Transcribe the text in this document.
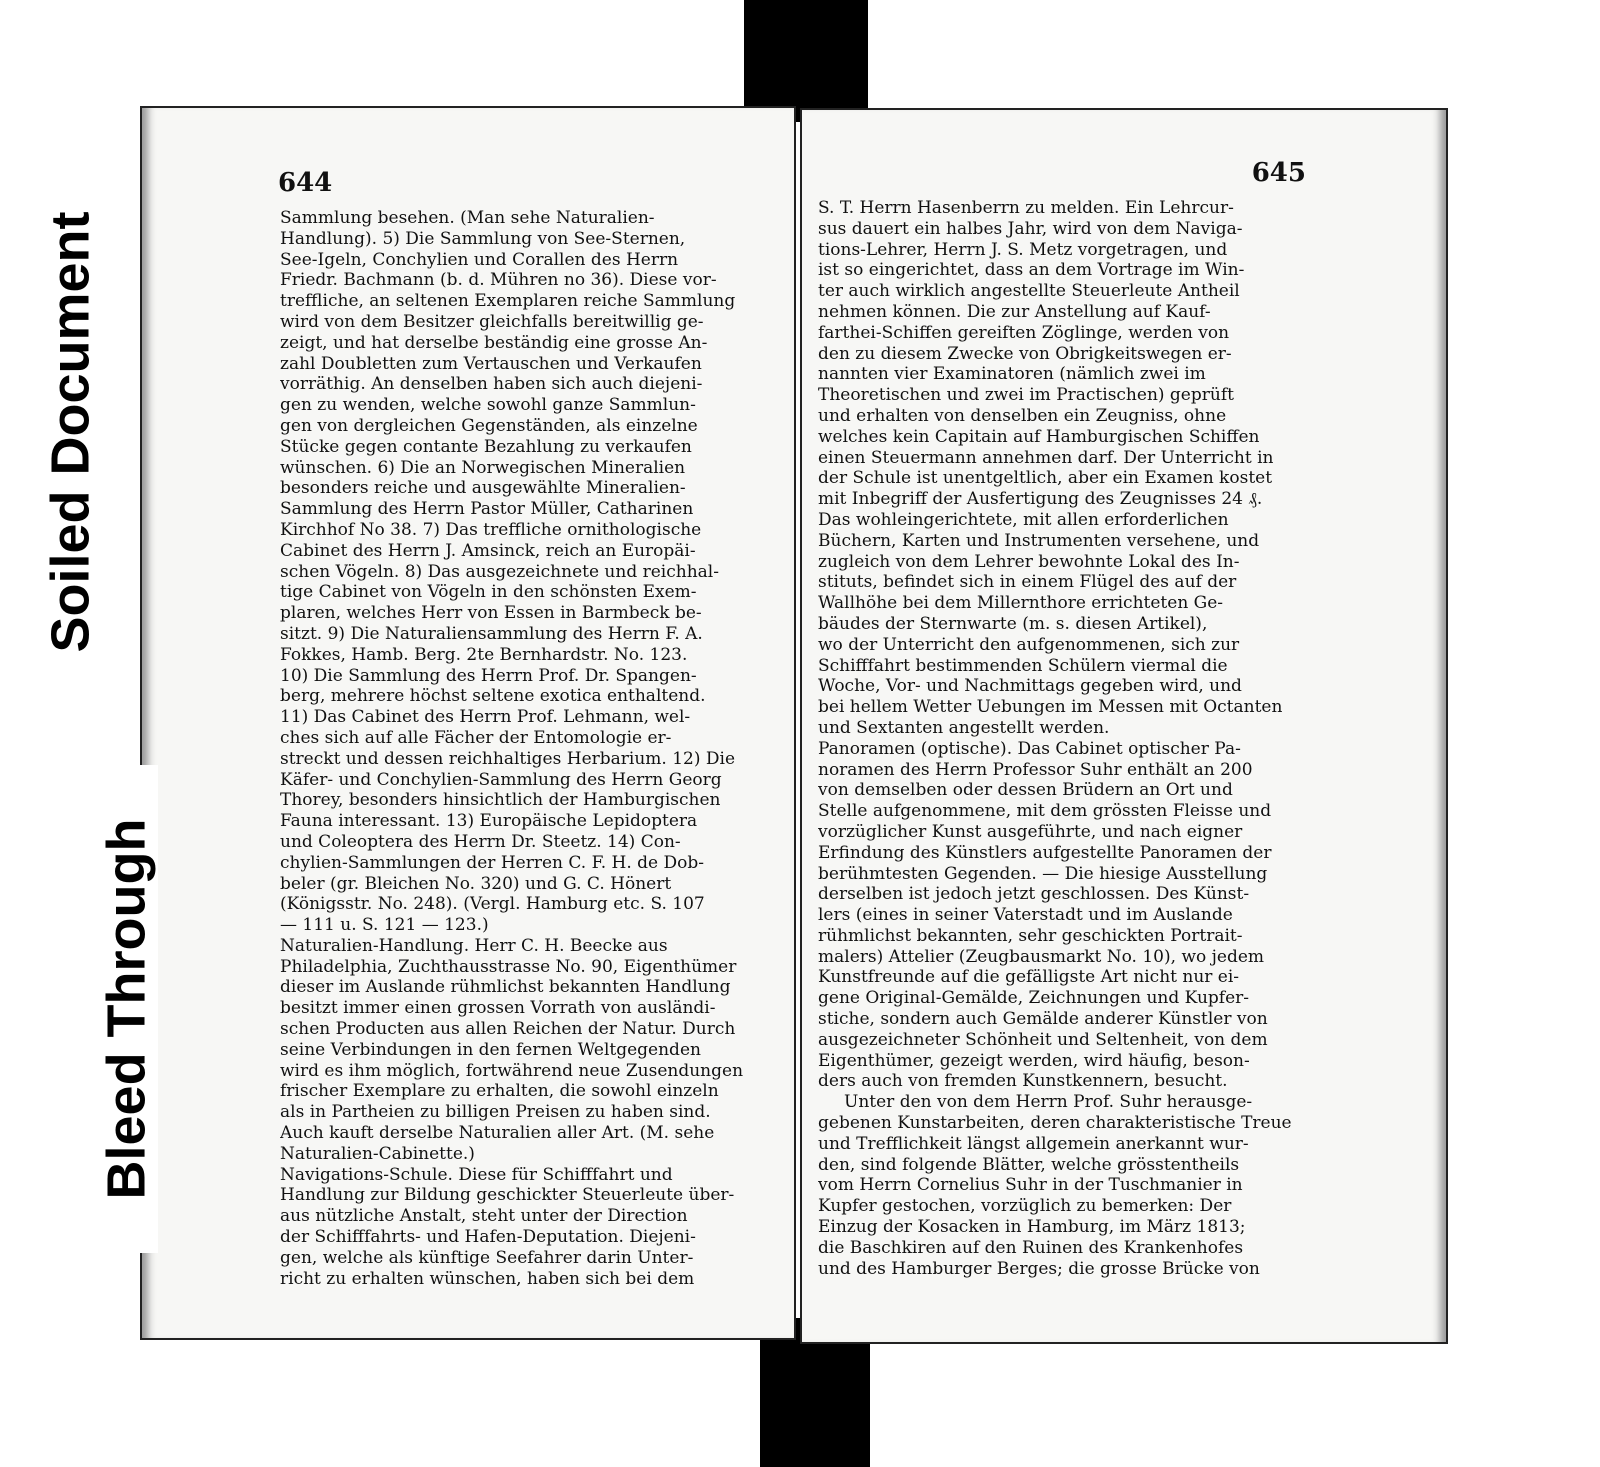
644
Sammlung besehen. (Man sehe Naturalien-
Handlung). 5) Die Sammlung von See-Sternen,
See-Igeln, Conchylien und Corallen des Herrn
Friedr. Bachmann (b. d. Mühren no 36). Diese vor-
treffliche, an seltenen Exemplaren reiche Sammlung
wird von dem Besitzer gleichfalls bereitwillig ge-
zeigt, und hat derselbe beständig eine grosse An-
zahl Doubletten zum Vertauschen und Verkaufen
vorräthig. An denselben haben sich auch diejeni-
gen zu wenden, welche sowohl ganze Sammlun-
gen von dergleichen Gegenständen, als einzelne
Stücke gegen contante Bezahlung zu verkaufen
wünschen. 6) Die an Norwegischen Mineralien
besonders reiche und ausgewählte Mineralien-
Sammlung des Herrn Pastor Müller, Catharinen
Kirchhof No 38. 7) Das treffliche ornithologische
Cabinet des Herrn J. Amsinck, reich an Europäi-
schen Vögeln. 8) Das ausgezeichnete und reichhal-
tige Cabinet von Vögeln in den schönsten Exem-
plaren, welches Herr von Essen in Barmbeck be-
sitzt. 9) Die Naturaliensammlung des Herrn F. A.
Fokkes, Hamb. Berg. 2te Bernhardstr. No. 123.
10) Die Sammlung des Herrn Prof. Dr. Spangen-
berg, mehrere höchst seltene exotica enthaltend.
11) Das Cabinet des Herrn Prof. Lehmann, wel-
ches sich auf alle Fächer der Entomologie er-
streckt und dessen reichhaltiges Herbarium. 12) Die
Käfer- und Conchylien-Sammlung des Herrn Georg
Thorey, besonders hinsichtlich der Hamburgischen
Fauna interessant. 13) Europäische Lepidoptera
und Coleoptera des Herrn Dr. Steetz. 14) Con-
chylien-Sammlungen der Herren C. F. H. de Dob-
beler (gr. Bleichen No. 320) und G. C. Hönert
(Königsstr. No. 248). (Vergl. Hamburg etc. S. 107
— 111 u. S. 121 — 123.)
Naturalien-Handlung. Herr C. H. Beecke aus
Philadelphia, Zuchthausstrasse No. 90, Eigenthümer
dieser im Auslande rühmlichst bekannten Handlung
besitzt immer einen grossen Vorrath von ausländi-
schen Producten aus allen Reichen der Natur. Durch
seine Verbindungen in den fernen Weltgegenden
wird es ihm möglich, fortwährend neue Zusendungen
frischer Exemplare zu erhalten, die sowohl einzeln
als in Partheien zu billigen Preisen zu haben sind.
Auch kauft derselbe Naturalien aller Art. (M. sehe
Naturalien-Cabinette.)
Navigations-Schule. Diese für Schifffahrt und
Handlung zur Bildung geschickter Steuerleute über-
aus nützliche Anstalt, steht unter der Direction
der Schifffahrts- und Hafen-Deputation. Diejeni-
gen, welche als künftige Seefahrer darin Unter-
richt zu erhalten wünschen, haben sich bei dem
645
S. T. Herrn Hasenberrn zu melden. Ein Lehrcur-
sus dauert ein halbes Jahr, wird von dem Naviga-
tions-Lehrer, Herrn J. S. Metz vorgetragen, und
ist so eingerichtet, dass an dem Vortrage im Win-
ter auch wirklich angestellte Steuerleute Antheil
nehmen können. Die zur Anstellung auf Kauf-
farthei-Schiffen gereiften Zöglinge, werden von
den zu diesem Zwecke von Obrigkeitswegen er-
nannten vier Examinatoren (nämlich zwei im
Theoretischen und zwei im Practischen) geprüft
und erhalten von denselben ein Zeugniss, ohne
welches kein Capitain auf Hamburgischen Schiffen
einen Steuermann annehmen darf. Der Unterricht in
der Schule ist unentgeltlich, aber ein Examen kostet
mit Inbegriff der Ausfertigung des Zeugnisses 24 ₰.
Das wohleingerichtete, mit allen erforderlichen
Büchern, Karten und Instrumenten versehene, und
zugleich von dem Lehrer bewohnte Lokal des In-
stituts, befindet sich in einem Flügel des auf der
Wallhöhe bei dem Millernthore errichteten Ge-
bäudes der Sternwarte (m. s. diesen Artikel),
wo der Unterricht den aufgenommenen, sich zur
Schifffahrt bestimmenden Schülern viermal die
Woche, Vor- und Nachmittags gegeben wird, und
bei hellem Wetter Uebungen im Messen mit Octanten
und Sextanten angestellt werden.
Panoramen (optische). Das Cabinet optischer Pa-
noramen des Herrn Professor Suhr enthält an 200
von demselben oder dessen Brüdern an Ort und
Stelle aufgenommene, mit dem grössten Fleisse und
vorzüglicher Kunst ausgeführte, und nach eigner
Erfindung des Künstlers aufgestellte Panoramen der
berühmtesten Gegenden. — Die hiesige Ausstellung
derselben ist jedoch jetzt geschlossen. Des Künst-
lers (eines in seiner Vaterstadt und im Auslande
rühmlichst bekannten, sehr geschickten Portrait-
malers) Attelier (Zeugbausmarkt No. 10), wo jedem
Kunstfreunde auf die gefälligste Art nicht nur ei-
gene Original-Gemälde, Zeichnungen und Kupfer-
stiche, sondern auch Gemälde anderer Künstler von
ausgezeichneter Schönheit und Seltenheit, von dem
Eigenthümer, gezeigt werden, wird häufig, beson-
ders auch von fremden Kunstkennern, besucht.
Unter den von dem Herrn Prof. Suhr herausge-
gebenen Kunstarbeiten, deren charakteristische Treue
und Trefflichkeit längst allgemein anerkannt wur-
den, sind folgende Blätter, welche grösstentheils
vom Herrn Cornelius Suhr in der Tuschmanier in
Kupfer gestochen, vorzüglich zu bemerken: Der
Einzug der Kosacken in Hamburg, im März 1813;
die Baschkiren auf den Ruinen des Krankenhofes
und des Hamburger Berges; die grosse Brücke von
Soiled Document
Bleed Through
